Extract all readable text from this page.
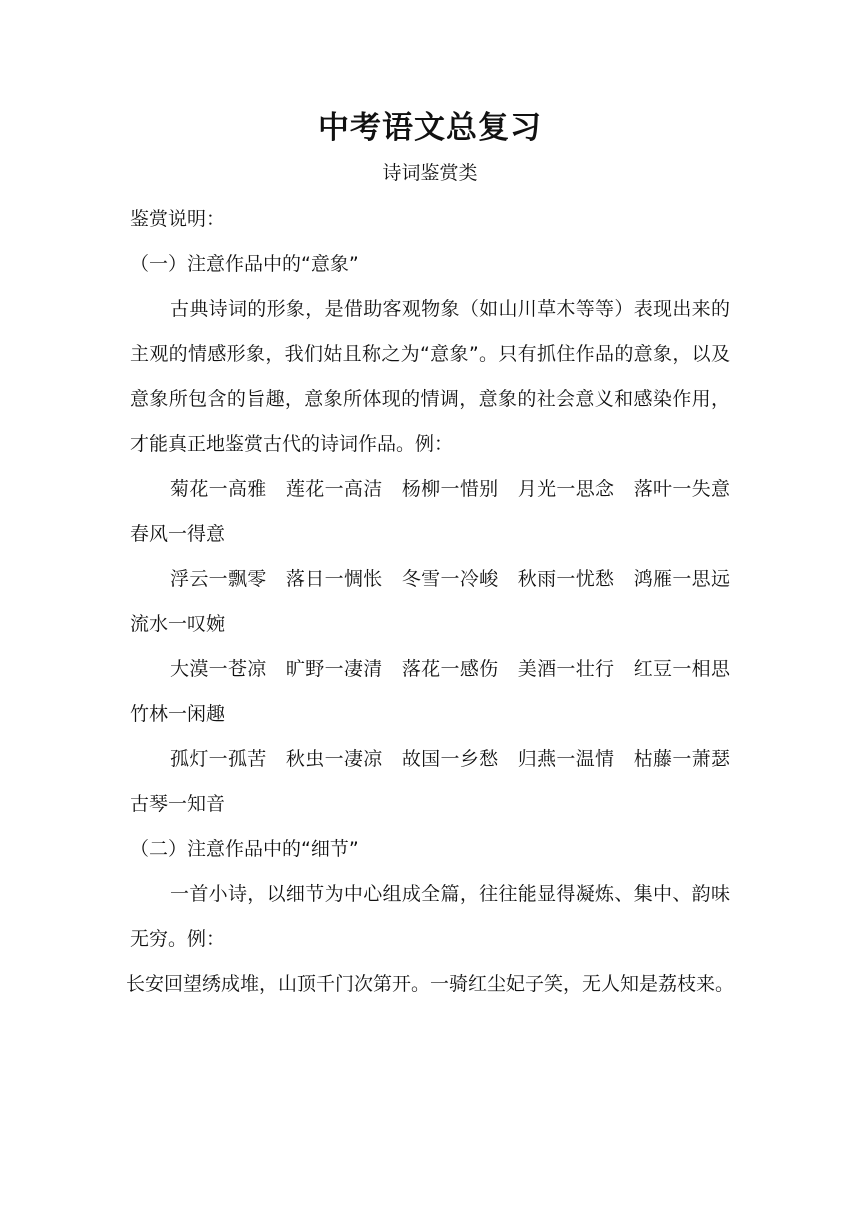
中考语文总复习
诗词鉴赏类

鉴赏说明：

（一）注意作品中的“意象”

古典诗词的形象，是借助客观物象（如山川草木等等）表现出来的主观的情感形象，我们姑且称之为“意象”。只有抓住作品的意象，以及意象所包含的旨趣，意象所体现的情调，意象的社会意义和感染作用，才能真正地鉴赏古代的诗词作品。例：

菊花一高雅　莲花一高洁　杨柳一惜别　月光一思念　落叶一失意　春风一得意

浮云一飘零　落日一惆怅　冬雪一冷峻　秋雨一忧愁　鸿雁一思远　流水一叹婉

大漠一苍凉　旷野一凄清　落花一感伤　美酒一壮行　红豆一相思　竹林一闲趣

孤灯一孤苦　秋虫一凄凉　故国一乡愁　归燕一温情　枯藤一萧瑟　古琴一知音

（二）注意作品中的“细节”

一首小诗，以细节为中心组成全篇，往往能显得凝炼、集中、韵味无穷。例：

长安回望绣成堆，山顶千门次第开。一骑红尘妃子笑，无人知是荔枝来。
